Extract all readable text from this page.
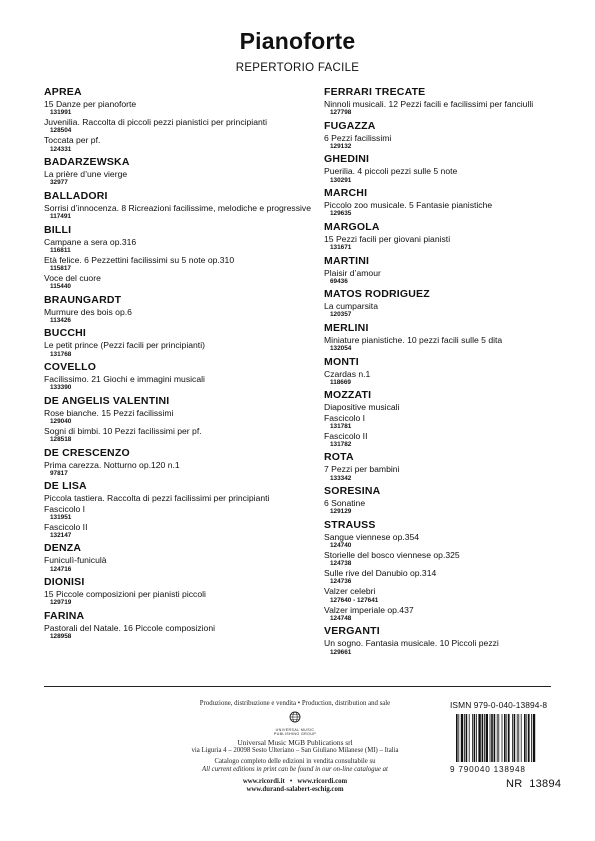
Pianoforte
REPERTORIO FACILE
APREA
15 Danze per pianoforte
131991
Juvenilia. Raccolta di piccoli pezzi pianistici per principianti
128504
Toccata per pf.
124331
BADARZEWSKA
La prière d’une vierge
32977
BALLADORI
Sorrisi d’innocenza. 8 Ricreazioni facilissime, melodiche e progressive
117491
BILLI
Campane a sera op.316
116811
Età felice. 6 Pezzettini facilissimi su 5 note op.310
115817
Voce del cuore
115440
BRAUNGARDT
Murmure des bois op.6
113426
BUCCHI
Le petit prince (Pezzi facili per principianti)
131768
COVELLO
Facilissimo. 21 Giochi e immagini musicali
133390
DE ANGELIS VALENTINI
Rose bianche. 15 Pezzi facilissimi
129040
Sogni di bimbi. 10 Pezzi facilissimi per pf.
128518
DE CRESCENZO
Prima carezza. Notturno op.120 n.1
97817
DE LISA
Piccola tastiera. Raccolta di pezzi facilissimi per principianti
Fascicolo I
131951
Fascicolo II
132147
DENZA
Funiculì-funiculà
124716
DIONISI
15 Piccole composizioni per pianisti piccoli
129719
FARINA
Pastorali del Natale. 16 Piccole composizioni
128958
FERRARI TRECATE
Ninnoli musicali. 12 Pezzi facili e facilissimi per fanciulli
127798
FUGAZZA
6 Pezzi facilissimi
129132
GHEDINI
Puerilia. 4 piccoli pezzi sulle 5 note
130291
MARCHI
Piccolo zoo musicale. 5 Fantasie pianistiche
129635
MARGOLA
15 Pezzi facili per giovani pianisti
131671
MARTINI
Plaisir d’amour
69436
MATOS RODRIGUEZ
La cumparsita
120357
MERLINI
Miniature pianistiche. 10 pezzi facili sulle 5 dita
132054
MONTI
Czardas n.1
118669
MOZZATI
Diapositive musicali
Fascicolo I
131781
Fascicolo II
131782
ROTA
7 Pezzi per bambini
133342
SORESINA
6 Sonatine
129129
STRAUSS
Sangue viennese op.354
124740
Storielle del bosco viennese op.325
124738
Sulle rive del Danubio op.314
124736
Valzer celebri
127640 - 127641
Valzer imperiale op.437
124748
VERGANTI
Un sogno. Fantasia musicale. 10 Piccoli pezzi
129661
Produzione, distribuzione e vendita • Production, distribution and sale
UNIVERSAL MUSIC PUBLISHING GROUP
Universal Music MGB Publications srl
via Liguria 4 – 20098 Sesto Ulteriano – San Giuliano Milanese (MI) – Italia
Catalogo completo delle edizioni in vendita consultabile su
All current editions in print can be found in our on-line catalogue at
www.ricordi.it   •   www.ricordi.com
www.durand-salabert-eschig.com
ISMN 979-0-040-13894-8
9 790040 138948
NR 13894
